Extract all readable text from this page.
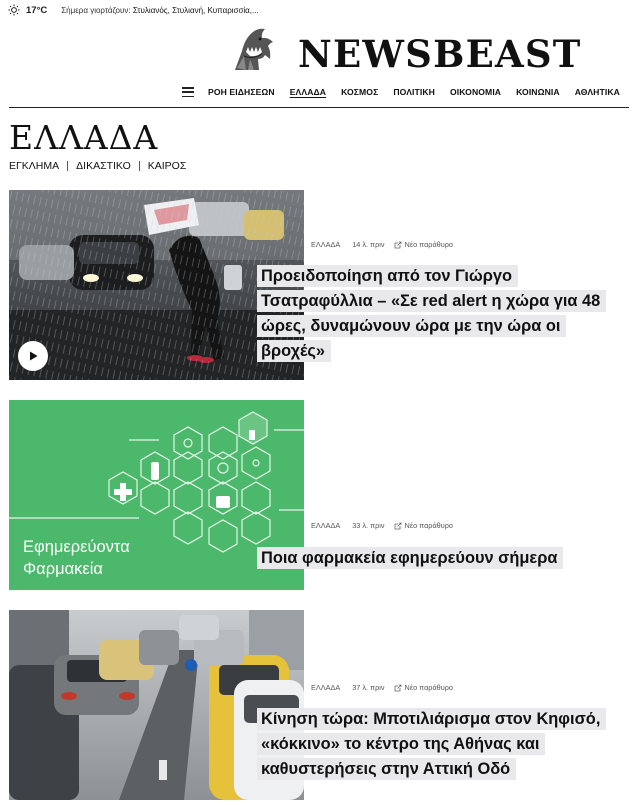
17°C Σήμερα γιορτάζουν: Στυλιανός, Στυλιανή, Κυπαρισσία,...
NEWSBEAST
ΡΟΗ ΕΙΔΗΣΕΩΝ ΕΛΛΑΔΑ ΚΟΣΜΟΣ ΠΟΛΙΤΙΚΗ ΟΙΚΟΝΟΜΙΑ ΚΟΙΝΩΝΙΑ ΑΘΛΗΤΙΚΑ
ΕΛΛΑΔΑ
ΕΓΚΛΗΜΑ ΔΙΚΑΣΤΙΚΟ ΚΑΙΡΟΣ
ΕΛΛΑΔΑ 14 λ. πριν	Νέο παράθυρο
Προειδοποίηση από τον Γιώργο Τσατραφύλλια – «Σε red alert η χώρα για 48 ώρες, δυναμώνουν ώρα με την ώρα οι βροχές»
Εφημερεύοντα
Φαρμακεία
ΕΛΛΑΔΑ 33 λ. πριν	Νέο παράθυρο
Ποια φαρμακεία εφημερεύουν σήμερα
ΕΛΛΑΔΑ 37 λ. πριν	Νέο παράθυρο
Κίνηση τώρα: Μποτιλιάρισμα στον Κηφισό, «κόκκινο» το κέντρο της Αθήνας και καθυστερήσεις στην Αττική Οδό
